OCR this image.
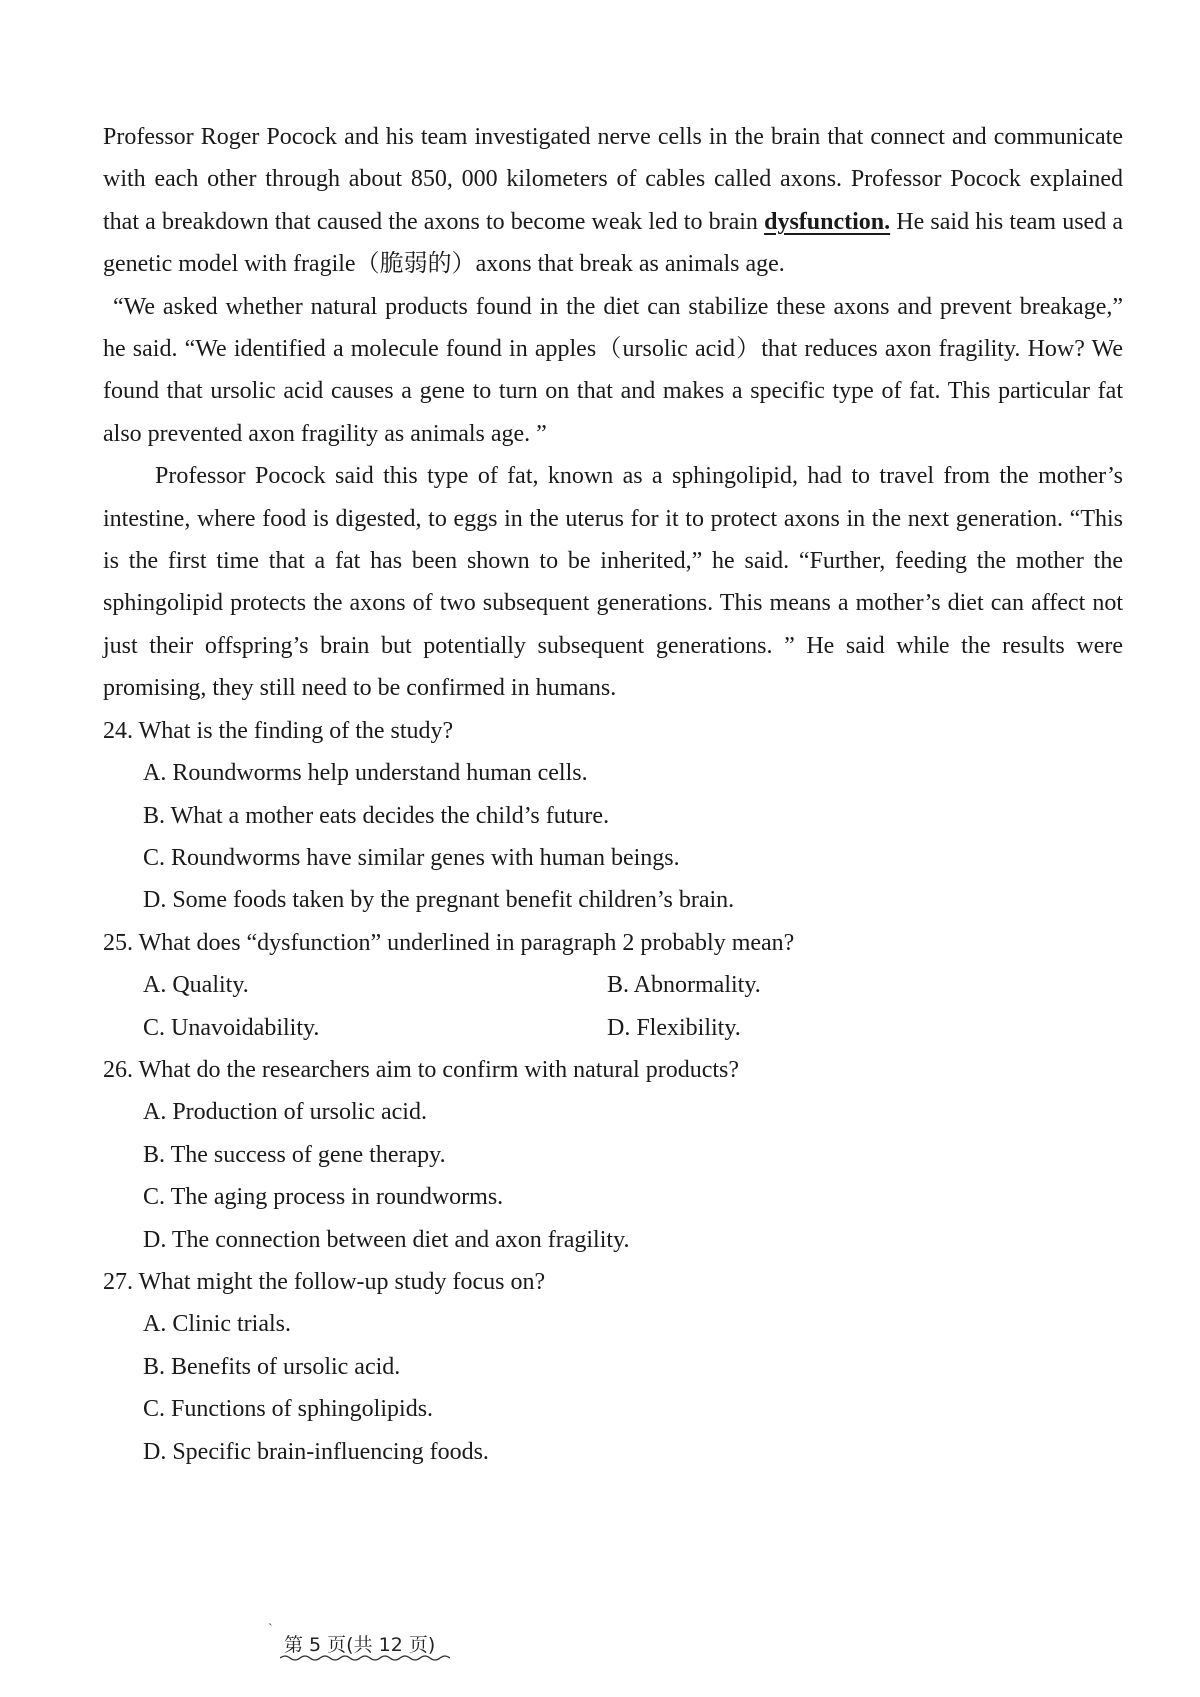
Professor Roger Pocock and his team investigated nerve cells in the brain that connect and communicate with each other through about 850, 000 kilometers of cables called axons. Professor Pocock explained that a breakdown that caused the axons to become weak led to brain dysfunction. He said his team used a genetic model with fragile（脆弱的）axons that break as animals age.

“We asked whether natural products found in the diet can stabilize these axons and prevent breakage,” he said. “We identified a molecule found in apples（ursolic acid）that reduces axon fragility. How? We found that ursolic acid causes a gene to turn on that and makes a specific type of fat. This particular fat also prevented axon fragility as animals age. ”

Professor Pocock said this type of fat, known as a sphingolipid, had to travel from the mother’s intestine, where food is digested, to eggs in the uterus for it to protect axons in the next generation. “This is the first time that a fat has been shown to be inherited,” he said. “Further, feeding the mother the sphingolipid protects the axons of two subsequent generations. This means a mother’s diet can affect not just their offspring’s brain but potentially subsequent generations. ” He said while the results were promising, they still need to be confirmed in humans.

24. What is the finding of the study?

A. Roundworms help understand human cells.

B. What a mother eats decides the child’s future.

C. Roundworms have similar genes with human beings.

D. Some foods taken by the pregnant benefit children’s brain.

25. What does “dysfunction” underlined in paragraph 2 probably mean?

A. Quality.	B. Abnormality.
C. Unavoidability.	D. Flexibility.

26. What do the researchers aim to confirm with natural products?

A. Production of ursolic acid.

B. The success of gene therapy.

C. The aging process in roundworms.

D. The connection between diet and axon fragility.

27. What might the follow-up study focus on?

A. Clinic trials.

B. Benefits of ursolic acid.

C. Functions of sphingolipids.

D. Specific brain-influencing foods.

`
第 5 页(共 12 页)
